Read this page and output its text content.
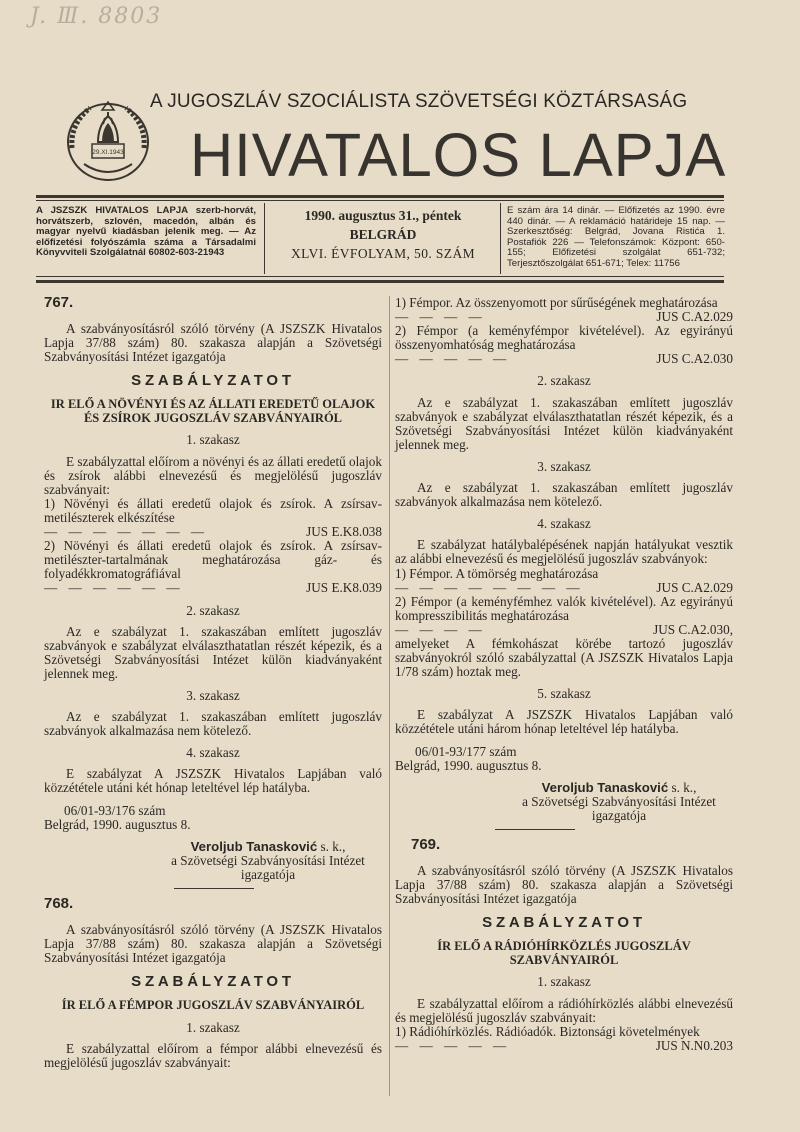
J. Ⅲ. 8803
29.XI.1943
A JUGOSZLÁV SZOCIÁLISTA SZÖVETSÉGI KÖZTÁRSASÁG
HIVATALOS LAPJA
A JSZSZK HIVATALOS LAPJA szerb-horvát, horvátszerb, szlovén, macedón, albán és magyar nyelvű kiadásban jelenik meg. — Az előfizetési folyószámla száma a Társadalmi Könyvviteli Szolgálatnál 60802-603-21943
1990. augusztus 31., péntek
BELGRÁD
XLVI. ÉVFOLYAM, 50. SZÁM
E szám ára 14 dinár. — Előfizetés az 1990. évre 440 dinár. — A reklamáció határideje 15 nap. — Szerkesztőség: Belgrád, Jovana Ristića 1. Postafiók 226 — Telefonszámok: Központ: 650-155; Előfizetési szolgálat 651-732; Terjesztőszolgálat 651-671; Telex: 11756

767.

A szabványosításról szóló törvény (A JSZSZK Hivatalos Lapja 37/88 szám) 80. szakasza alapján a Szövetségi Szabványosítási Intézet igazgatója

SZABÁLYZATOT

IR ELŐ A NÖVÉNYI ÉS AZ ÁLLATI EREDETŰ OLAJOK ÉS ZSÍROK JUGOSZLÁV SZABVÁNYAIRÓL

1. szakasz

E szabályzattal előírom a növényi és az állati eredetű olajok és zsírok alábbi elnevezésű és megjelölésű jugoszláv szabványait:

1) Növényi és állati eredetű olajok és zsírok. A zsírsav-metilészterek elkészítése

— — — — — — —	JUS E.K8.038

2) Növényi és állati eredetű olajok és zsírok. A zsírsav-metilészter-tartalmának meghatározása gáz- és folyadékkromatográfiával

— — — — — —	JUS E.K8.039

2. szakasz

Az e szabályzat 1. szakaszában említett jugoszláv szabványok e szabályzat elválaszthatatlan részét képezik, és a Szövetségi Szabványosítási Intézet külön kiadványaként jelennek meg.

3. szakasz

Az e szabályzat 1. szakaszában említett jugoszláv szabványok alkalmazása nem kötelező.

4. szakasz

E szabályzat A JSZSZK Hivatalos Lapjában való közzététele utáni két hónap leteltével lép hatályba.

06/01-93/176 szám

Belgrád, 1990. augusztus 8.

Veroljub Tanasković s. k.,

a Szövetségi Szabványosítási Intézet igazgatója

768.

A szabványosításról szóló törvény (A JSZSZK Hivatalos Lapja 37/88 szám) 80. szakasza alapján a Szövetségi Szabványosítási Intézet igazgatója

SZABÁLYZATOT

ÍR ELŐ A FÉMPOR JUGOSZLÁV SZABVÁNYAIRÓL

1. szakasz

E szabályzattal előírom a fémpor alábbi elnevezésű és megjelölésű jugoszláv szabványait:

1) Fémpor. Az összenyomott por sűrűségének meghatározása

— — — —	JUS C.A2.029

2) Fémpor (a keményfémpor kivételével). Az egyirányú összenyomhatóság meghatározása

— — — — —	JUS C.A2.030

2. szakasz

Az e szabályzat 1. szakaszában említett jugoszláv szabványok e szabályzat elválaszthatatlan részét képezik, és a Szövetségi Szabványosítási Intézet külön kiadványaként jelennek meg.

3. szakasz

Az e szabályzat 1. szakaszában említett jugoszláv szabványok alkalmazása nem kötelező.

4. szakasz

E szabályzat hatálybalépésének napján hatályukat vesztik az alábbi elnevezésű és megjelölésű jugoszláv szabványok:

1) Fémpor. A tömörség meghatározása

— — — — — — — —	JUS C.A2.029

2) Fémpor (a keményfémhez valók kivételével). Az egyirányú kompresszibilitás meghatározása

— — — —	JUS C.A2.030,

amelyeket A fémkohászat körébe tartozó jugoszláv szabványokról szóló szabályzattal (A JSZSZK Hivatalos Lapja 1/78 szám) hoztak meg.

5. szakasz

E szabályzat A JSZSZK Hivatalos Lapjában való közzététele utáni három hónap leteltével lép hatályba.

06/01-93/177 szám

Belgrád, 1990. augusztus 8.

Veroljub Tanasković s. k.,

a Szövetségi Szabványosítási Intézet igazgatója

769.

A szabványosításról szóló törvény (A JSZSZK Hivatalos Lapja 37/88 szám) 80. szakasza alapján a Szövetségi Szabványosítási Intézet igazgatója

SZABÁLYZATOT

ÍR ELŐ A RÁDIÓHÍRKÖZLÉS JUGOSZLÁV SZABVÁNYAIRÓL

1. szakasz

E szabályzattal előírom a rádióhírközlés alábbi elnevezésű és megjelölésű jugoszláv szabványait:

1) Rádióhírközlés. Rádióadók. Biztonsági követelmények

— — — — —	JUS N.N0.203
